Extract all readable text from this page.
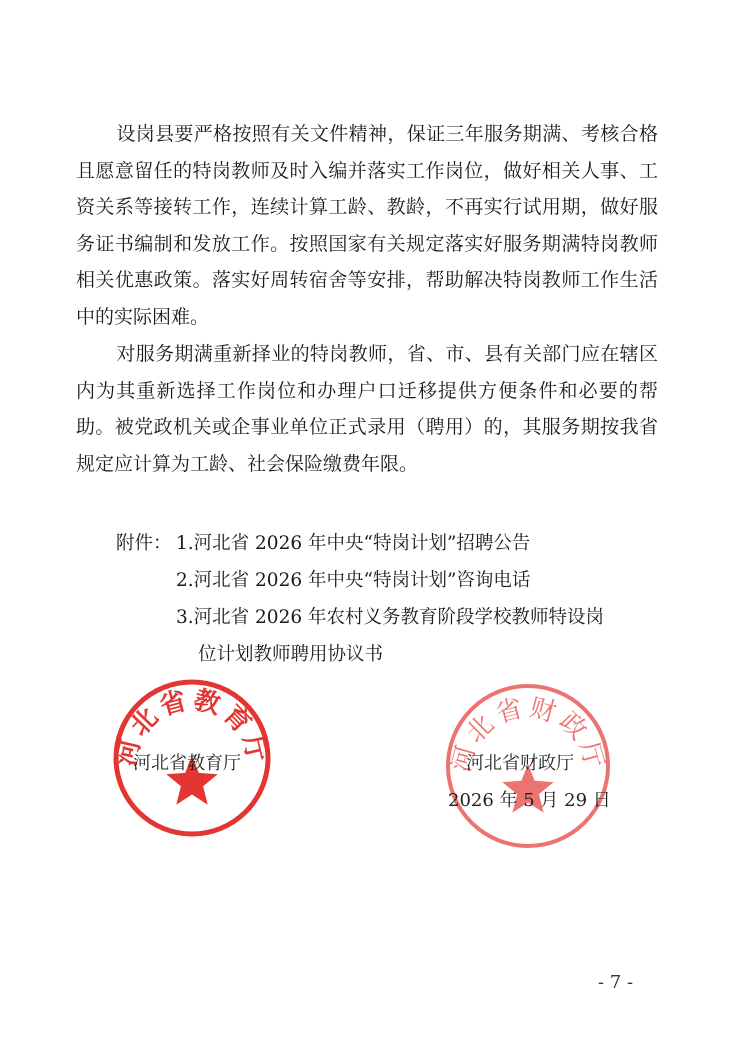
设岗县要严格按照有关文件精神，保证三年服务期满、考核合格且愿意留任的特岗教师及时入编并落实工作岗位，做好相关人事、工资关系等接转工作，连续计算工龄、教龄，不再实行试用期，做好服务证书编制和发放工作。按照国家有关规定落实好服务期满特岗教师相关优惠政策。落实好周转宿舍等安排，帮助解决特岗教师工作生活中的实际困难。

对服务期满重新择业的特岗教师，省、市、县有关部门应在辖区内为其重新选择工作岗位和办理户口迁移提供方便条件和必要的帮助。被党政机关或企事业单位正式录用（聘用）的，其服务期按我省规定应计算为工龄、社会保险缴费年限。

附件： 1.河北省 2026 年中央“特岗计划”招聘公告
2.河北省 2026 年中央“特岗计划”咨询电话
3.河北省 2026 年农村义务教育阶段学校教师特设岗
位计划教师聘用协议书
河北省教育厅	河北省财政厅
河北省教育厅	河北省财政厅
2026 年 5 月 29 日
- 7 -
